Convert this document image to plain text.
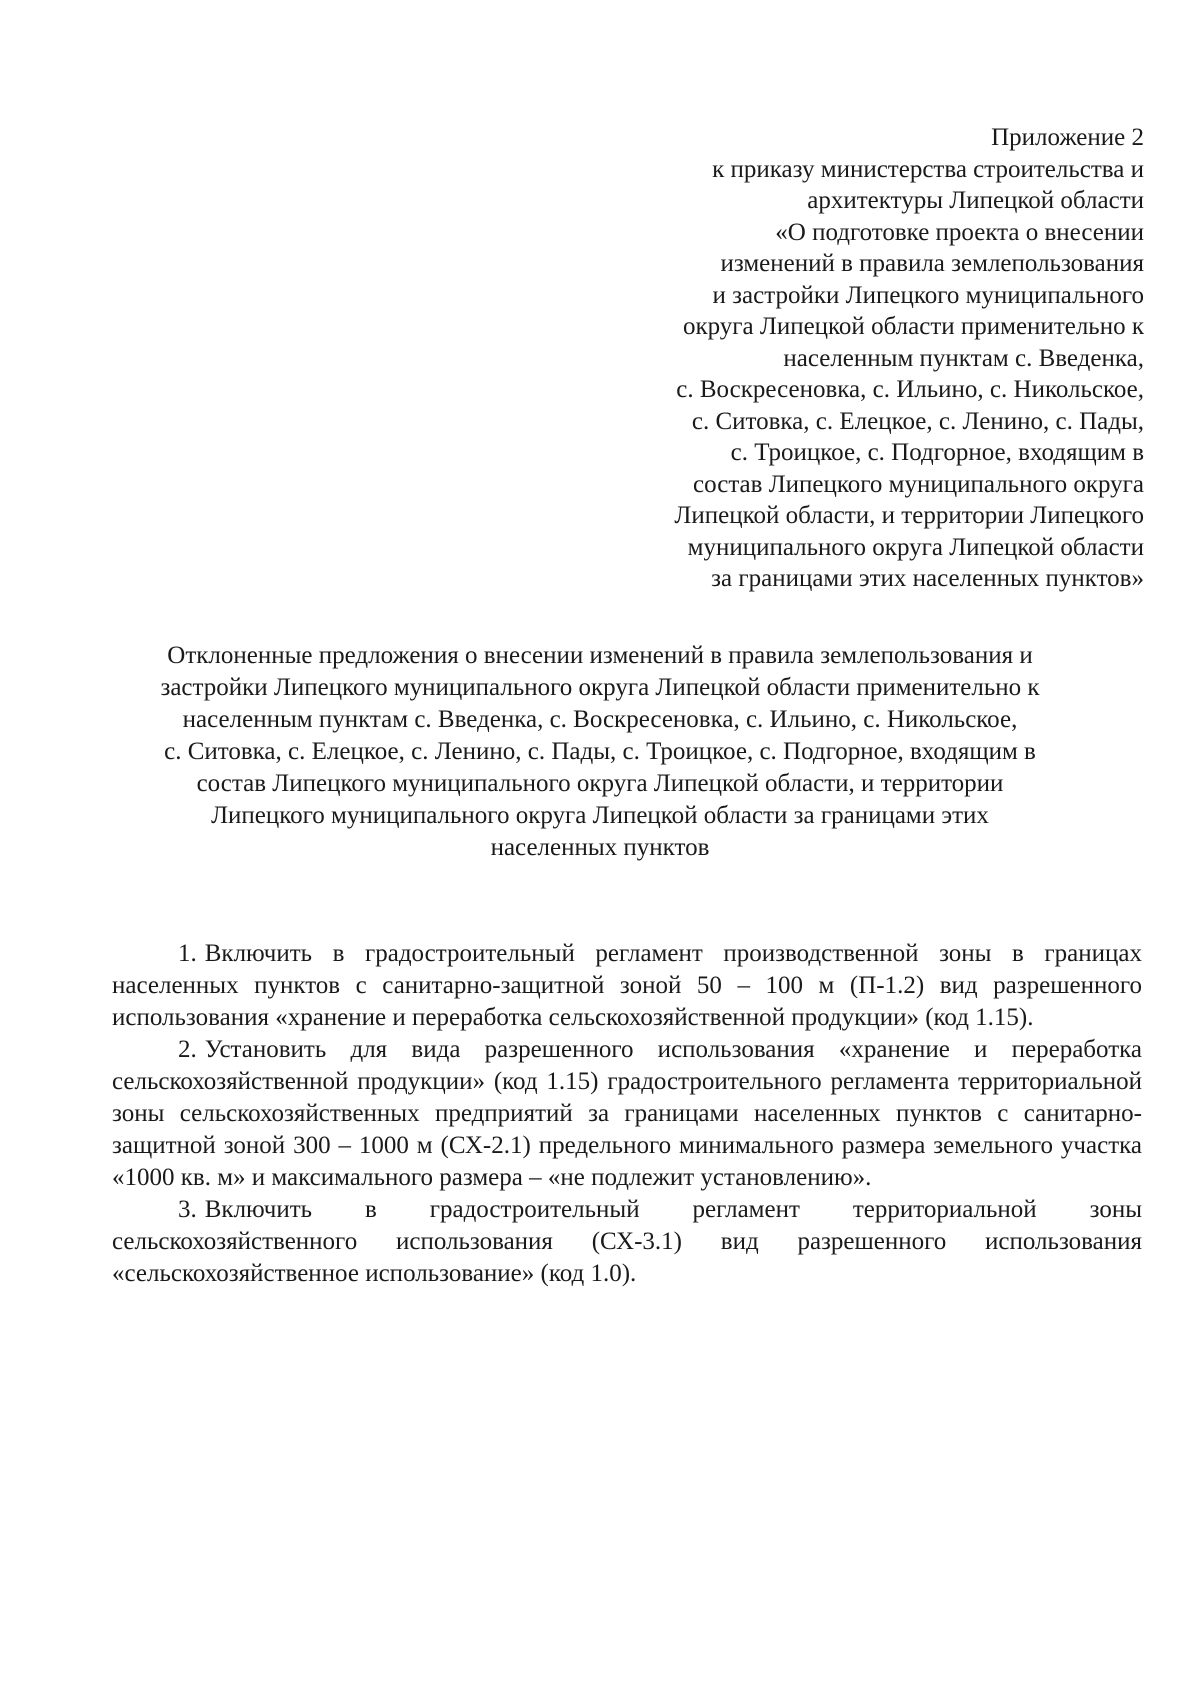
Приложение 2
к приказу министерства строительства и
архитектуры Липецкой области
«О подготовке проекта о внесении
изменений в правила землепользования
и застройки Липецкого муниципального
округа Липецкой области применительно к
населенным пунктам с. Введенка,
с. Воскресеновка, с. Ильино, с. Никольское,
с. Ситовка, с. Елецкое, с. Ленино, с. Пады,
с. Троицкое, с. Подгорное, входящим в
состав Липецкого муниципального округа
Липецкой области, и территории Липецкого
муниципального округа Липецкой области
за границами этих населенных пунктов»
Отклоненные предложения о внесении изменений в правила землепользования и
застройки Липецкого муниципального округа Липецкой области применительно к
населенным пунктам с. Введенка, с. Воскресеновка, с. Ильино, с. Никольское,
с. Ситовка, с. Елецкое, с. Ленино, с. Пады, с. Троицкое, с. Подгорное, входящим в
состав Липецкого муниципального округа Липецкой области, и территории
Липецкого муниципального округа Липецкой области за границами этих
населенных пунктов

1. Включить в градостроительный регламент производственной зоны в границах населенных пунктов с санитарно-защитной зоной 50 – 100 м (П-1.2) вид разрешенного использования «хранение и переработка сельскохозяйственной продукции» (код 1.15).

2. Установить для вида разрешенного использования «хранение и переработка сельскохозяйственной продукции» (код 1.15) градостроительного регламента территориальной зоны сельскохозяйственных предприятий за границами населенных пунктов с санитарно-защитной зоной 300 – 1000 м (СХ-2.1) предельного минимального размера земельного участка «1000 кв. м» и максимального размера – «не подлежит установлению».

3. Включить в градостроительный регламент территориальной зоны сельскохозяйственного использования (СХ-3.1) вид разрешенного использования «сельскохозяйственное использование» (код 1.0).
